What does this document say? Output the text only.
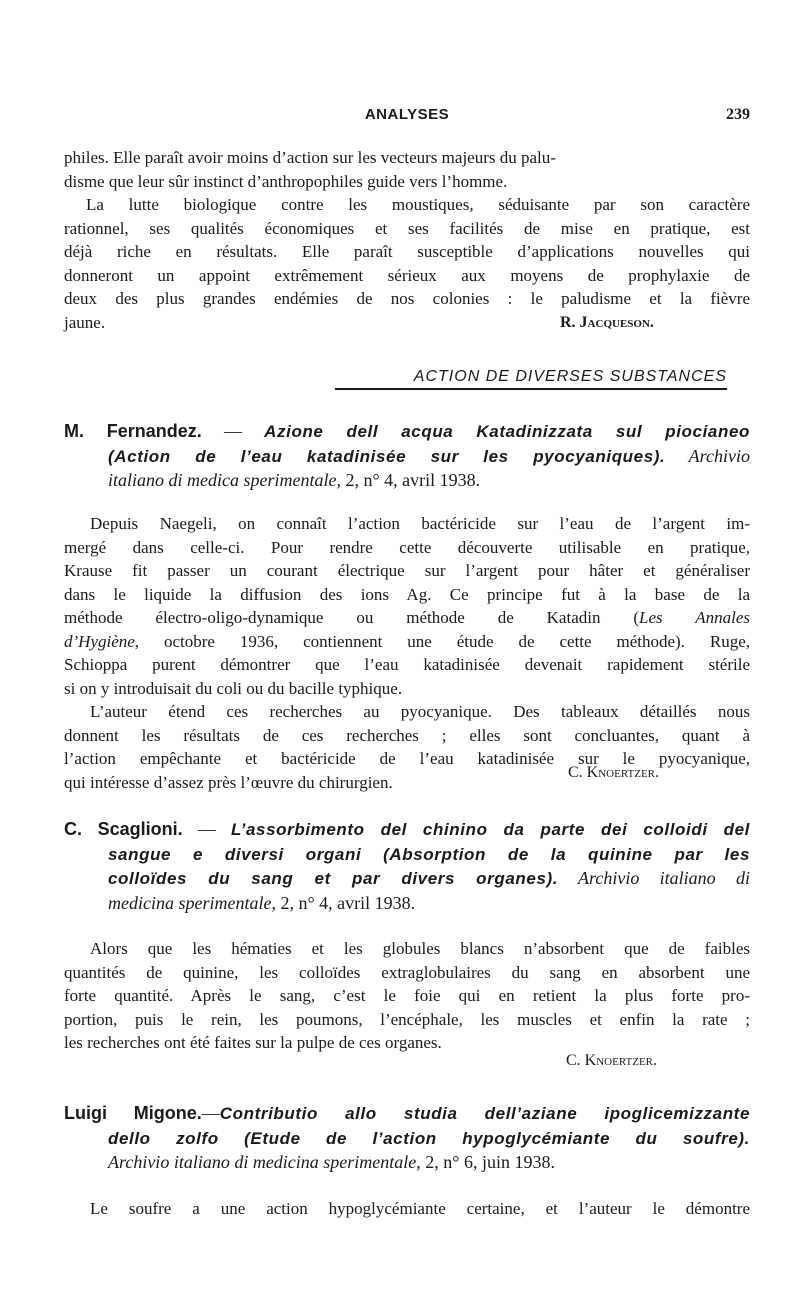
ANALYSES	239
philes. Elle paraît avoir moins d’action sur les vecteurs majeurs du palu-
disme que leur sûr instinct d’anthropophiles guide vers l’homme.
La lutte biologique contre les moustiques, séduisante par son caractère
rationnel, ses qualités économiques et ses facilités de mise en pratique, est
déjà riche en résultats. Elle paraît susceptible d’applications nouvelles qui
donneront un appoint extrêmement sérieux aux moyens de prophylaxie de
deux des plus grandes endémies de nos colonies : le paludisme et la fièvre
jaune.	R. Jacqueson.
ACTION DE DIVERSES SUBSTANCES
M. Fernandez. — Azione dell acqua Katadinizzata sul piocianeo
(Action de l’eau katadinisée sur les pyocyaniques). Archivio
italiano di medica sperimentale, 2, n° 4, avril 1938.
Depuis Naegeli, on connaît l’action bactéricide sur l’eau de l’argent im-
mergé dans celle-ci. Pour rendre cette découverte utilisable en pratique,
Krause fit passer un courant électrique sur l’argent pour hâter et généraliser
dans le liquide la diffusion des ions Ag. Ce principe fut à la base de la
méthode électro-oligo-dynamique ou méthode de Katadin (Les Annales
d’Hygiène, octobre 1936, contiennent une étude de cette méthode). Ruge,
Schioppa purent démontrer que l’eau katadinisée devenait rapidement stérile
si on y introduisait du coli ou du bacille typhique.
L’auteur étend ces recherches au pyocyanique. Des tableaux détaillés nous
donnent les résultats de ces recherches ; elles sont concluantes, quant à
l’action empêchante et bactéricide de l’eau katadinisée sur le pyocyanique,
qui intéresse d’assez près l’œuvre du chirurgien.	C. Knoertzer.
C. Scaglioni. — L’assorbimento del chinino da parte dei colloidi del
sangue e diversi organi (Absorption de la quinine par les
colloïdes du sang et par divers organes). Archivio italiano di
medicina sperimentale, 2, n° 4, avril 1938.
Alors que les hématies et les globules blancs n’absorbent que de faibles
quantités de quinine, les colloïdes extraglobulaires du sang en absorbent une
forte quantité. Après le sang, c’est le foie qui en retient la plus forte pro-
portion, puis le rein, les poumons, l’encéphale, les muscles et enfin la rate ;
les recherches ont été faites sur la pulpe de ces organes.
C. Knoertzer.
Luigi Migone.—Contributio allo studia dell’aziane ipoglicemizzante
dello zolfo (Etude de l’action hypoglycémiante du soufre).
Archivio italiano di medicina sperimentale, 2, n° 6, juin 1938.
Le soufre a une action hypoglycémiante certaine, et l’auteur le démontre
